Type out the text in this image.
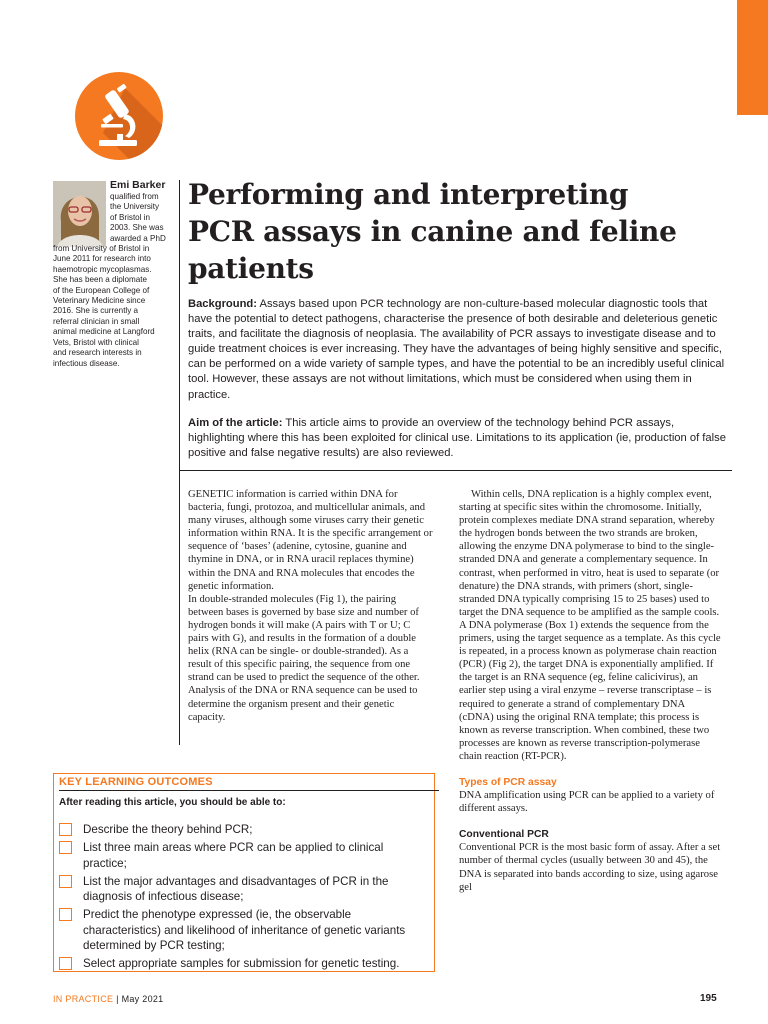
Emi Barker
qualified from
the University
of Bristol in
2003. She was
awarded a PhD
from University of Bristol in
June 2011 for research into
haemotropic mycoplasmas.
She has been a diplomate
of the European College of
Veterinary Medicine since
2016. She is currently a
referral clinician in small
animal medicine at Langford
Vets, Bristol with clinical
and research interests in
infectious disease.
Performing and interpreting
PCR assays in canine and feline
patients

Background: Assays based upon PCR technology are non-culture-based molecular diagnostic tools that have the potential to detect pathogens, characterise the presence of both desirable and deleterious genetic traits, and facilitate the diagnosis of neoplasia. The availability of PCR assays to investigate disease and to guide treatment choices is ever increasing. They have the advantages of being highly sensitive and specific, can be performed on a wide variety of sample types, and have the potential to be an incredibly useful clinical tool. However, these assays are not without limitations, which must be considered when using them in practice.

Aim of the article: This article aims to provide an overview of the technology behind PCR assays, highlighting where this has been exploited for clinical use. Limitations to its application (ie, production of false positive and false negative results) are also reviewed.

GENETIC information is carried within DNA for bacteria, fungi, protozoa, and multicellular animals, and many viruses, although some viruses carry their genetic information within RNA. It is the specific arrangement or sequence of ‘bases’ (adenine, cytosine, guanine and thymine in DNA, or in RNA uracil replaces thymine) within the DNA and RNA molecules that encodes the genetic information.

In double-stranded molecules (Fig 1), the pairing between bases is governed by base size and number of hydrogen bonds it will make (A pairs with T or U; C pairs with G), and results in the formation of a double helix (RNA can be single- or double-stranded). As a result of this specific pairing, the sequence from one strand can be used to predict the sequence of the other. Analysis of the DNA or RNA sequence can be used to determine the organism present and their genetic capacity.

Within cells, DNA replication is a highly complex event, starting at specific sites within the chromosome. Initially, protein complexes mediate DNA strand separation, whereby the hydrogen bonds between the two strands are broken, allowing the enzyme DNA polymerase to bind to the single-stranded DNA and generate a complementary sequence. In contrast, when performed in vitro, heat is used to separate (or denature) the DNA strands, with primers (short, single-stranded DNA typically comprising 15 to 25 bases) used to target the DNA sequence to be amplified as the sample cools. A DNA polymerase (Box 1) extends the sequence from the primers, using the target sequence as a template. As this cycle is repeated, in a process known as polymerase chain reaction (PCR) (Fig 2), the target DNA is exponentially amplified. If the target is an RNA sequence (eg, feline calicivirus), an earlier step using a viral enzyme – reverse transcriptase – is required to generate a strand of complementary DNA (cDNA) using the original RNA template; this process is known as reverse transcription. When combined, these two processes are known as reverse transcription-polymerase chain reaction (RT-PCR).

Types of PCR assay

DNA amplification using PCR can be applied to a variety of different assays.

Conventional PCR

Conventional PCR is the most basic form of assay. After a set number of thermal cycles (usually between 30 and 45), the DNA is separated into bands according to size, using agarose gel

KEY LEARNING OUTCOMES
After reading this article, you should be able to:
Describe the theory behind PCR;
List three main areas where PCR can be applied to clinical practice;
List the major advantages and disadvantages of PCR in the diagnosis of infectious disease;
Predict the phenotype expressed (ie, the observable characteristics) and likelihood of inheritance of genetic variants determined by PCR testing;
Select appropriate samples for submission for genetic testing.
IN PRACTICE | May 2021	195
